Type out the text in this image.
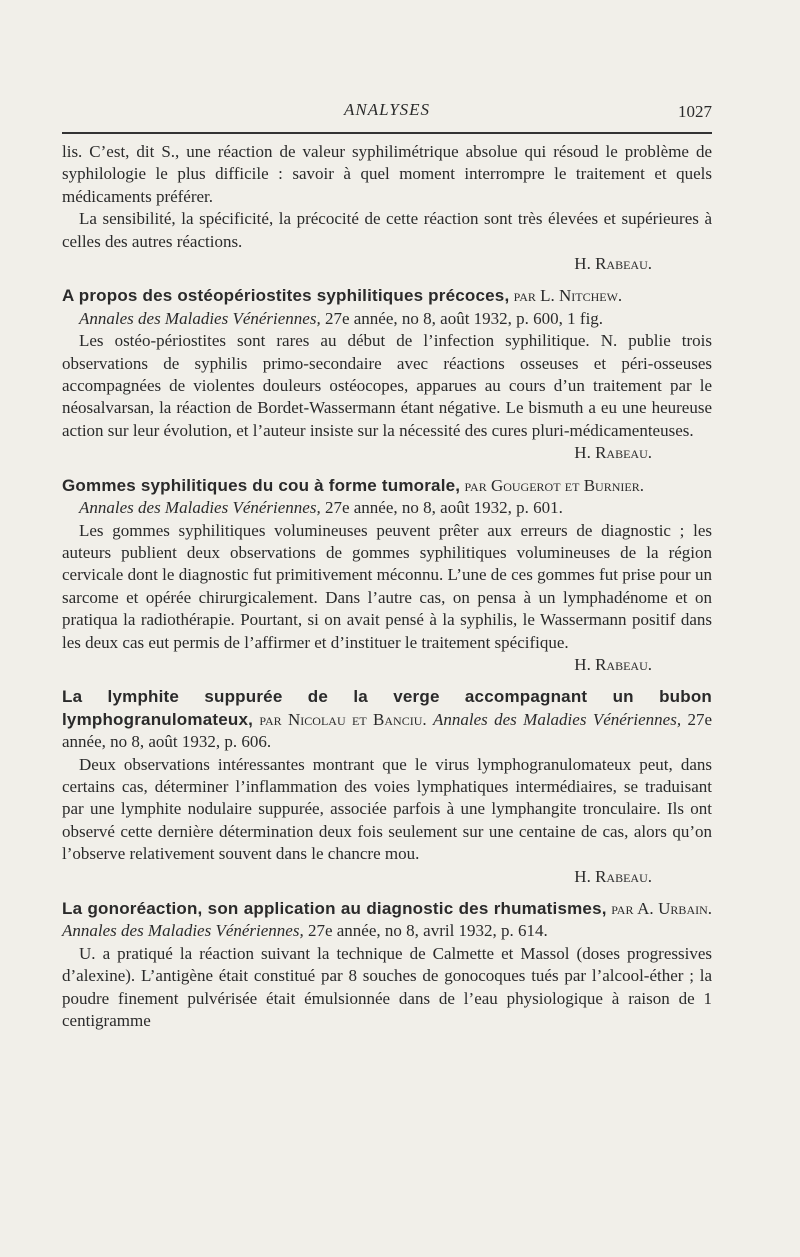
ANALYSES	1027

lis. C’est, dit S., une réaction de valeur syphilimétrique absolue qui résoud le problème de syphilologie le plus difficile : savoir à quel moment interrompre le traitement et quels médicaments préférer.

La sensibilité, la spécificité, la précocité de cette réaction sont très élevées et supérieures à celles des autres réactions.

H. Rabeau.

A propos des ostéopériostites syphilitiques précoces, par L. Nitchew.

Annales des Maladies Vénériennes, 27e année, no 8, août 1932, p. 600, 1 fig.

Les ostéo-périostites sont rares au début de l’infection syphilitique. N. publie trois observations de syphilis primo-secondaire avec réactions osseuses et péri-osseuses accompagnées de violentes douleurs ostéocopes, apparues au cours d’un traitement par le néosalvarsan, la réaction de Bordet-Wassermann étant négative. Le bismuth a eu une heureuse action sur leur évolution, et l’auteur insiste sur la nécessité des cures pluri-médicamenteuses.

H. Rabeau.

Gommes syphilitiques du cou à forme tumorale, par Gougerot et Burnier.

Annales des Maladies Vénériennes, 27e année, no 8, août 1932, p. 601.

Les gommes syphilitiques volumineuses peuvent prêter aux erreurs de diagnostic ; les auteurs publient deux observations de gommes syphilitiques volumineuses de la région cervicale dont le diagnostic fut primitivement méconnu. L’une de ces gommes fut prise pour un sarcome et opérée chirurgicalement. Dans l’autre cas, on pensa à un lymphadénome et on pratiqua la radiothérapie. Pourtant, si on avait pensé à la syphilis, le Wassermann positif dans les deux cas eut permis de l’affirmer et d’instituer le traitement spécifique.

H. Rabeau.

La lymphite suppurée de la verge accompagnant un bubon lymphogranulomateux, par Nicolau et Banciu. Annales des Maladies Vénériennes, 27e année, no 8, août 1932, p. 606.

Deux observations intéressantes montrant que le virus lymphogranulomateux peut, dans certains cas, déterminer l’inflammation des voies lymphatiques intermédiaires, se traduisant par une lymphite nodulaire suppurée, associée parfois à une lymphangite tronculaire. Ils ont observé cette dernière détermination deux fois seulement sur une centaine de cas, alors qu’on l’observe relativement souvent dans le chancre mou.

H. Rabeau.

La gonoréaction, son application au diagnostic des rhumatismes, par A. Urbain. Annales des Maladies Vénériennes, 27e année, no 8, avril 1932, p. 614.

U. a pratiqué la réaction suivant la technique de Calmette et Massol (doses progressives d’alexine). L’antigène était constitué par 8 souches de gonocoques tués par l’alcool-éther ; la poudre finement pulvérisée était émulsionnée dans de l’eau physiologique à raison de 1 centigramme
